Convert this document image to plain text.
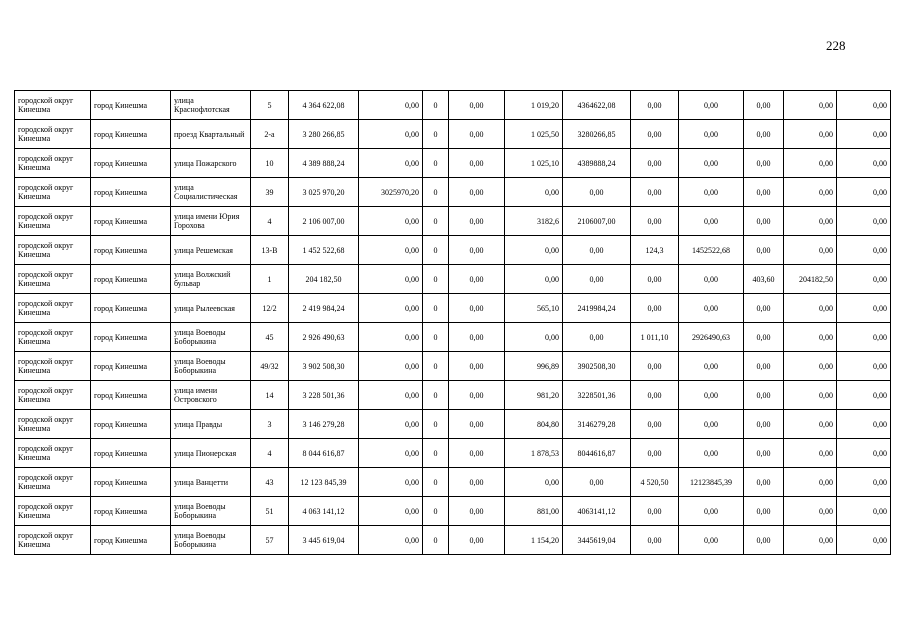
228
городской округ Кинешма	город Кинешма	улица Краснофлотская	5	4 364 622,08	0,00	0	0,00	1 019,20	4364622,08	0,00	0,00	0,00	0,00	0,00
городской округ Кинешма	город Кинешма	проезд Квартальный	2-а	3 280 266,85	0,00	0	0,00	1 025,50	3280266,85	0,00	0,00	0,00	0,00	0,00
городской округ Кинешма	город Кинешма	улица Пожарского	10	4 389 888,24	0,00	0	0,00	1 025,10	4389888,24	0,00	0,00	0,00	0,00	0,00
городской округ Кинешма	город Кинешма	улица Социалистическая	39	3 025 970,20	3025970,20	0	0,00	0,00	0,00	0,00	0,00	0,00	0,00	0,00
городской округ Кинешма	город Кинешма	улица имени Юрия Горохова	4	2 106 007,00	0,00	0	0,00	3182,6	2106007,00	0,00	0,00	0,00	0,00	0,00
городской округ Кинешма	город Кинешма	улица Решемская	13-В	1 452 522,68	0,00	0	0,00	0,00	0,00	124,3	1452522,68	0,00	0,00	0,00
городской округ Кинешма	город Кинешма	улица Волжский бульвар	1	204 182,50	0,00	0	0,00	0,00	0,00	0,00	0,00	403,60	204182,50	0,00
городской округ Кинешма	город Кинешма	улица Рылеевская	12/2	2 419 984,24	0,00	0	0,00	565,10	2419984,24	0,00	0,00	0,00	0,00	0,00
городской округ Кинешма	город Кинешма	улица Воеводы Боборыкина	45	2 926 490,63	0,00	0	0,00	0,00	0,00	1 011,10	2926490,63	0,00	0,00	0,00
городской округ Кинешма	город Кинешма	улица Воеводы Боборыкина	49/32	3 902 508,30	0,00	0	0,00	996,89	3902508,30	0,00	0,00	0,00	0,00	0,00
городской округ Кинешма	город Кинешма	улица имени Островского	14	3 228 501,36	0,00	0	0,00	981,20	3228501,36	0,00	0,00	0,00	0,00	0,00
городской округ Кинешма	город Кинешма	улица Правды	3	3 146 279,28	0,00	0	0,00	804,80	3146279,28	0,00	0,00	0,00	0,00	0,00
городской округ Кинешма	город Кинешма	улица Пионерская	4	8 044 616,87	0,00	0	0,00	1 878,53	8044616,87	0,00	0,00	0,00	0,00	0,00
городской округ Кинешма	город Кинешма	улица Ванцетти	43	12 123 845,39	0,00	0	0,00	0,00	0,00	4 520,50	12123845,39	0,00	0,00	0,00
городской округ Кинешма	город Кинешма	улица Воеводы Боборыкина	51	4 063 141,12	0,00	0	0,00	881,00	4063141,12	0,00	0,00	0,00	0,00	0,00
городской округ Кинешма	город Кинешма	улица Воеводы Боборыкина	57	3 445 619,04	0,00	0	0,00	1 154,20	3445619,04	0,00	0,00	0,00	0,00	0,00
